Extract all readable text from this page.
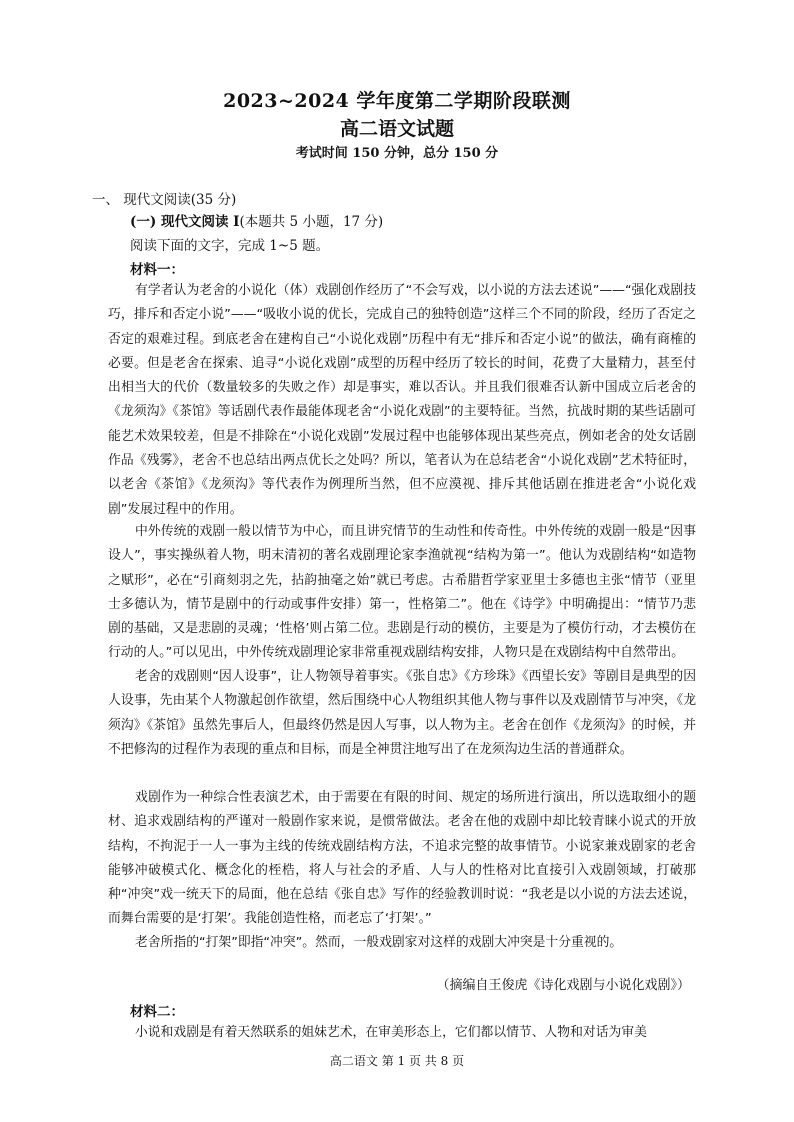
2023~2024 学年度第二学期阶段联测
高二语文试题
考试时间 150 分钟，总分 150 分
一、 现代文阅读(35 分)
(一) 现代文阅读 I(本题共 5 小题，17 分)
阅读下面的文字，完成 1~5 题。
材料一：

有学者认为老舍的小说化（体）戏剧创作经历了“不会写戏，以小说的方法去述说”——“强化戏剧技巧，排斥和否定小说”——“吸收小说的优长，完成自己的独特创造”这样三个不同的阶段，经历了否定之否定的艰难过程。到底老舍在建构自己“小说化戏剧”历程中有无“排斥和否定小说”的做法，确有商榷的必要。但是老舍在探索、追寻“小说化戏剧”成型的历程中经历了较长的时间，花费了大量精力，甚至付出相当大的代价（数量较多的失败之作）却是事实，难以否认。并且我们很难否认新中国成立后老舍的《龙须沟》《茶馆》等话剧代表作最能体现老舍“小说化戏剧”的主要特征。当然，抗战时期的某些话剧可能艺术效果较差，但是不排除在“小说化戏剧”发展过程中也能够体现出某些亮点，例如老舍的处女话剧作品《残雾》，老舍不也总结出两点优长之处吗？所以，笔者认为在总结老舍“小说化戏剧”艺术特征时，以老舍《茶馆》《龙须沟》等代表作为例理所当然，但不应漠视、排斥其他话剧在推进老舍“小说化戏剧”发展过程中的作用。

中外传统的戏剧一般以情节为中心，而且讲究情节的生动性和传奇性。中外传统的戏剧一般是“因事设人”，事实操纵着人物，明末清初的著名戏剧理论家李渔就视“结构为第一”。他认为戏剧结构“如造物之赋形”，必在“引商刻羽之先，拈韵抽毫之始”就已考虑。古希腊哲学家亚里士多德也主张“情节（亚里士多德认为，情节是剧中的行动或事件安排）第一，性格第二”。他在《诗学》中明确提出：“情节乃悲剧的基础，又是悲剧的灵魂；‘性格’则占第二位。悲剧是行动的模仿，主要是为了模仿行动，才去模仿在行动的人。”可以见出，中外传统戏剧理论家非常重视戏剧结构安排，人物只是在戏剧结构中自然带出。

老舍的戏剧则“因人设事”，让人物领导着事实。《张自忠》《方珍珠》《西望长安》等剧目是典型的因人设事，先由某个人物激起创作欲望，然后围绕中心人物组织其他人物与事件以及戏剧情节与冲突，《龙须沟》《茶馆》虽然先事后人，但最终仍然是因人写事，以人物为主。老舍在创作《龙须沟》的时候，并不把修沟的过程作为表现的重点和目标，而是全神贯注地写出了在龙须沟边生活的普通群众。

戏剧作为一种综合性表演艺术，由于需要在有限的时间、规定的场所进行演出，所以选取细小的题材、追求戏剧结构的严谨对一般剧作家来说，是惯常做法。老舍在他的戏剧中却比较青睐小说式的开放结构，不拘泥于一人一事为主线的传统戏剧结构方法，不追求完整的故事情节。小说家兼戏剧家的老舍能够冲破模式化、概念化的桎梏，将人与社会的矛盾、人与人的性格对比直接引入戏剧领域，打破那种“冲突”戏一统天下的局面，他在总结《张自忠》写作的经验教训时说：“我老是以小说的方法去述说，而舞台需要的是‘打架’。我能创造性格，而老忘了‘打架’。”

老舍所指的“打架”即指“冲突”。然而，一般戏剧家对这样的戏剧大冲突是十分重视的。

（摘编自王俊虎《诗化戏剧与小说化戏剧》）
材料二：

小说和戏剧是有着天然联系的姐妹艺术，在审美形态上，它们都以情节、人物和对话为审美

高二语文 第 1 页 共 8 页
